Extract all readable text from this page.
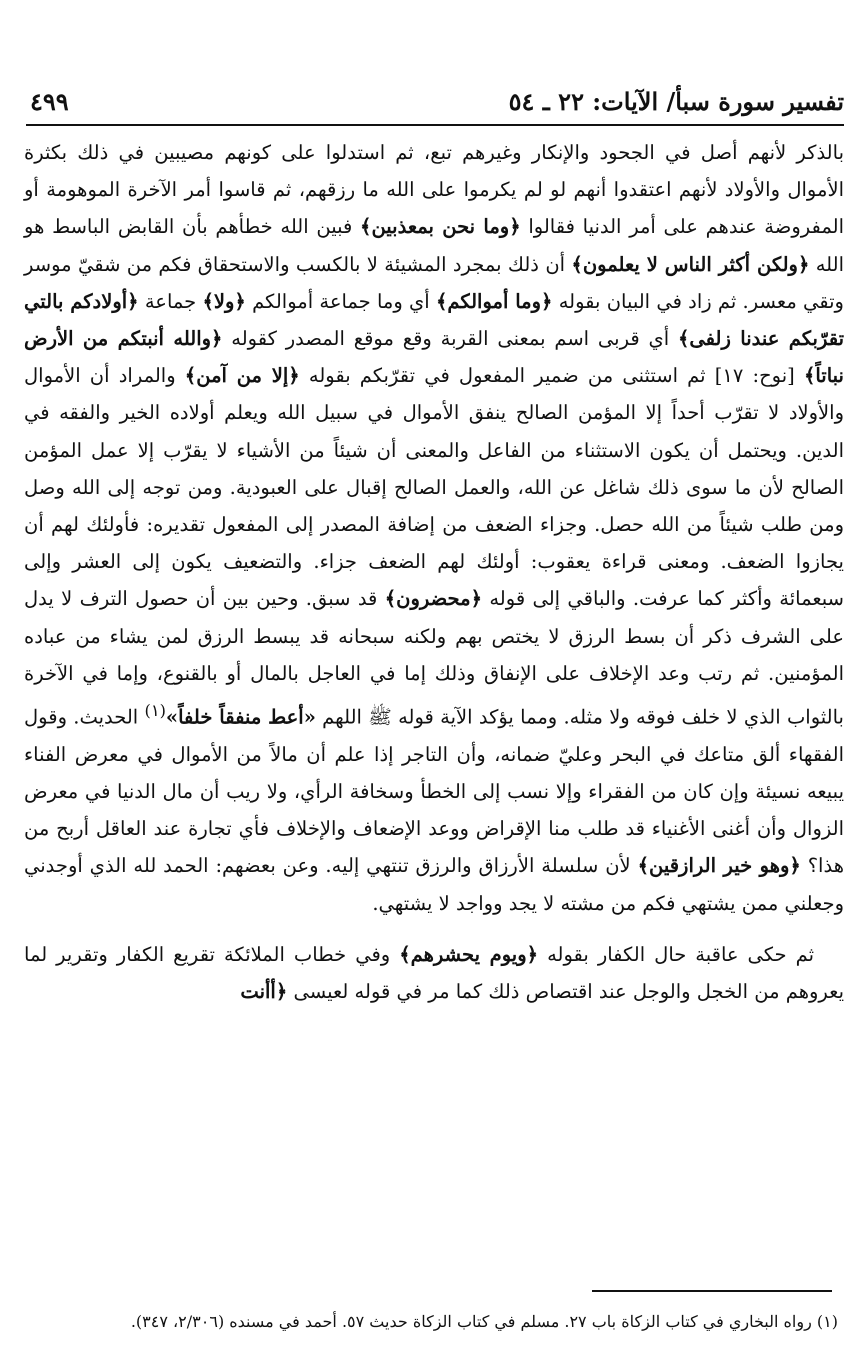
تفسير سورة سبأ/ الآيات: ٢٢ ـ ٥٤
٤٩٩

بالذكر لأنهم أصل في الجحود والإنكار وغيرهم تبع، ثم استدلوا على كونهم مصيبين في ذلك بكثرة الأموال والأولاد لأنهم اعتقدوا أنهم لو لم يكرموا على الله ما رزقهم، ثم قاسوا أمر الآخرة الموهومة أو المفروضة عندهم على أمر الدنيا فقالوا ﴿وما نحن بمعذبين﴾ فبين الله خطأهم بأن القابض الباسط هو الله ﴿ولكن أكثر الناس لا يعلمون﴾ أن ذلك بمجرد المشيئة لا بالكسب والاستحقاق فكم من شقيّ موسر وتقي معسر. ثم زاد في البيان بقوله ﴿وما أموالكم﴾ أي وما جماعة أموالكم ﴿ولا﴾ جماعة ﴿أولادكم بالتي تقرّبكم عندنا زلفى﴾ أي قربى اسم بمعنى القربة وقع موقع المصدر كقوله ﴿والله أنبتكم من الأرض نباتاً﴾ [نوح: ١٧] ثم استثنى من ضمير المفعول في تقرّبكم بقوله ﴿إلا من آمن﴾ والمراد أن الأموال والأولاد لا تقرّب أحداً إلا المؤمن الصالح ينفق الأموال في سبيل الله ويعلم أولاده الخير والفقه في الدين. ويحتمل أن يكون الاستثناء من الفاعل والمعنى أن شيئاً من الأشياء لا يقرّب إلا عمل المؤمن الصالح لأن ما سوى ذلك شاغل عن الله، والعمل الصالح إقبال على العبودية. ومن توجه إلى الله وصل ومن طلب شيئاً من الله حصل. وجزاء الضعف من إضافة المصدر إلى المفعول تقديره: فأولئك لهم أن يجازوا الضعف. ومعنى قراءة يعقوب: أولئك لهم الضعف جزاء. والتضعيف يكون إلى العشر وإلى سبعمائة وأكثر كما عرفت. والباقي إلى قوله ﴿محضرون﴾ قد سبق. وحين بين أن حصول الترف لا يدل على الشرف ذكر أن بسط الرزق لا يختص بهم ولكنه سبحانه قد يبسط الرزق لمن يشاء من عباده المؤمنين. ثم رتب وعد الإخلاف على الإنفاق وذلك إما في العاجل بالمال أو بالقنوع، وإما في الآخرة بالثواب الذي لا خلف فوقه ولا مثله. ومما يؤكد الآية قوله ﷺ اللهم «أعط منفقاً خلفاً»$^{(١)}$ الحديث. وقول الفقهاء ألق متاعك في البحر وعليّ ضمانه، وأن التاجر إذا علم أن مالاً من الأموال في معرض الفناء يبيعه نسيئة وإن كان من الفقراء وإلا نسب إلى الخطأ وسخافة الرأي، ولا ريب أن مال الدنيا في معرض الزوال وأن أغنى الأغنياء قد طلب منا الإقراض ووعد الإضعاف والإخلاف فأي تجارة عند العاقل أربح من هذا؟ ﴿وهو خير الرازقين﴾ لأن سلسلة الأرزاق والرزق تنتهي إليه. وعن بعضهم: الحمد لله الذي أوجدني وجعلني ممن يشتهي فكم من مشته لا يجد وواجد لا يشتهي.

ثم حكى عاقبة حال الكفار بقوله ﴿ويوم يحشرهم﴾ وفي خطاب الملائكة تقريع الكفار وتقرير لما يعروهم من الخجل والوجل عند اقتصاص ذلك كما مر في قوله لعيسى ﴿أأنت

(١) رواه البخاري في كتاب الزكاة باب ٢٧. مسلم في كتاب الزكاة حديث ٥٧. أحمد في مسنده (٢/٣٠٦، ٣٤٧).
